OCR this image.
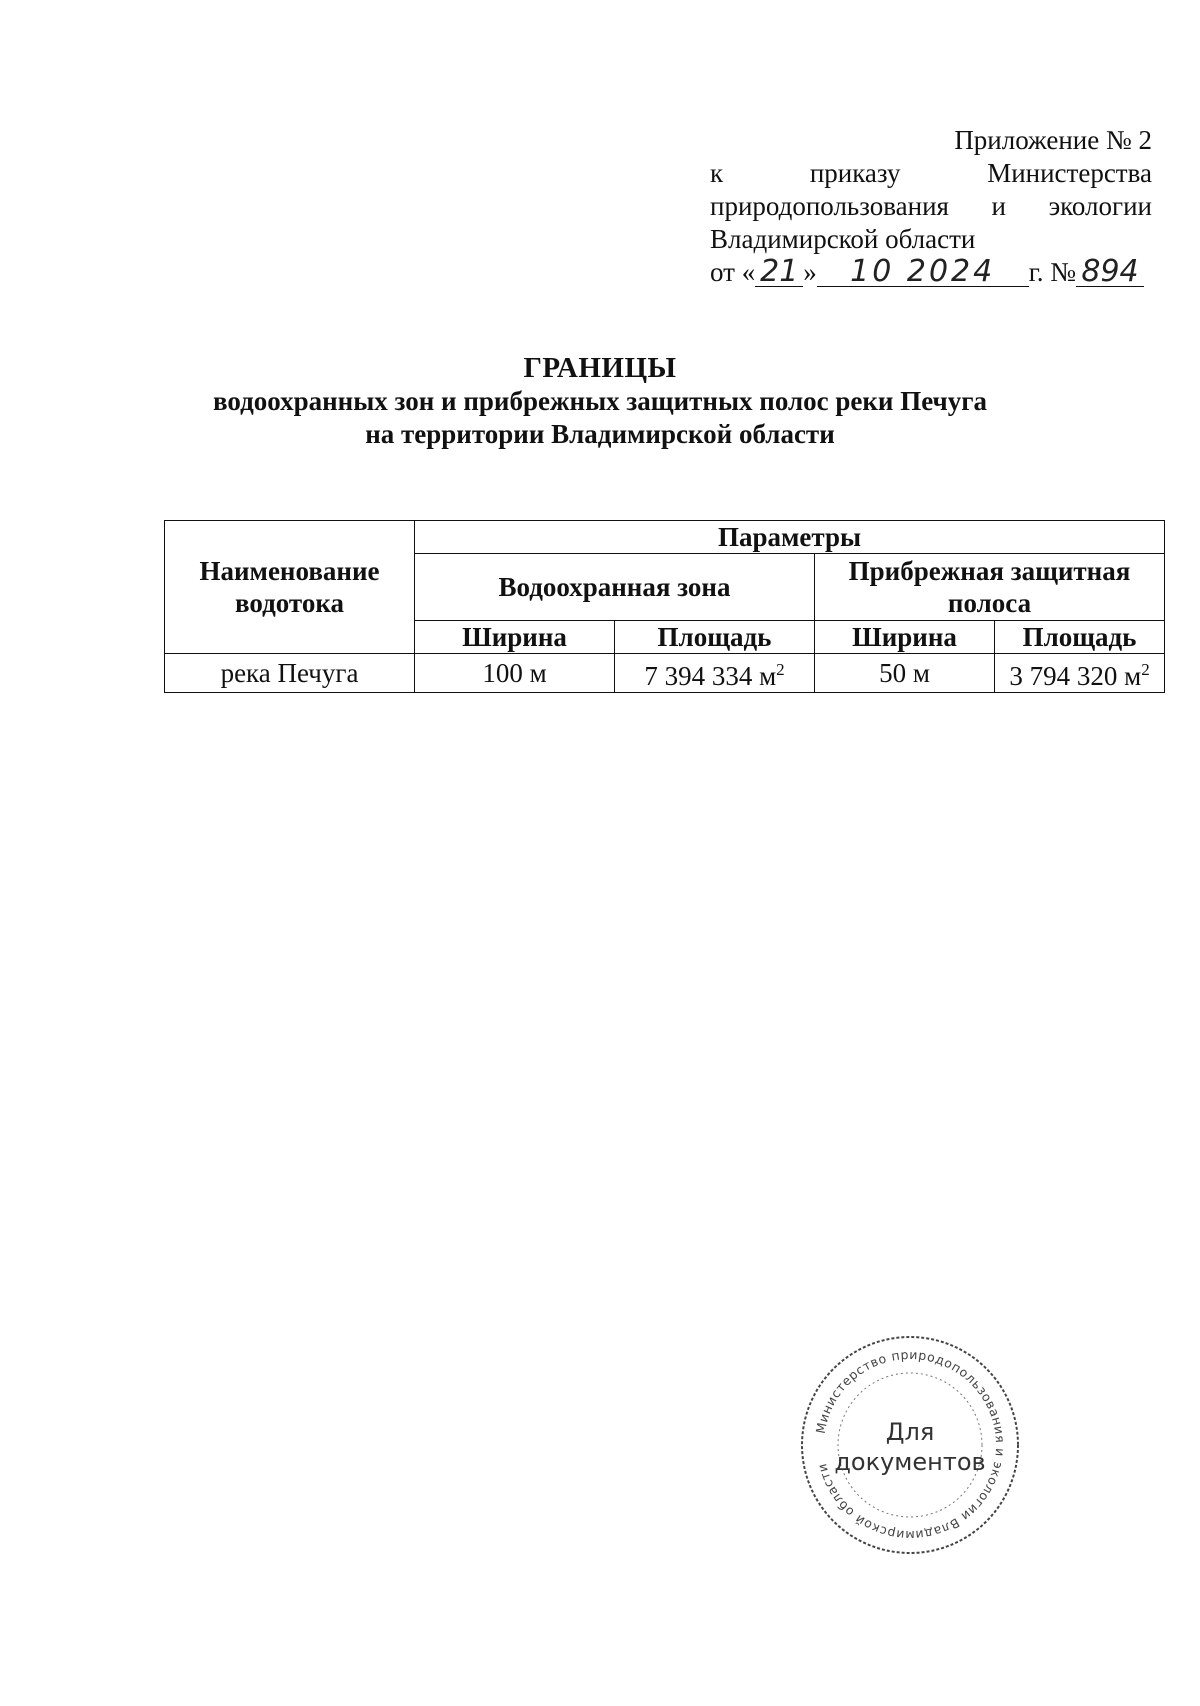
Приложение № 2
к	приказу	Министерства
природопользования и экологии
Владимирской области
от « 21 » 10 2024 г. № 894
ГРАНИЦЫ
водоохранных зон и прибрежных защитных полос реки Печуга
на территории Владимирской области
Наименование водотока	Параметры			
	Водоохранная зона		Прибрежная защитная полоса	
	Ширина	Площадь	Ширина	Площадь
река Печуга	100 м	7 394 334 $м^2$	50 м	3 794 320 $м^2$
Министерство природопользования и экологии Владимирской области
Для
документов
